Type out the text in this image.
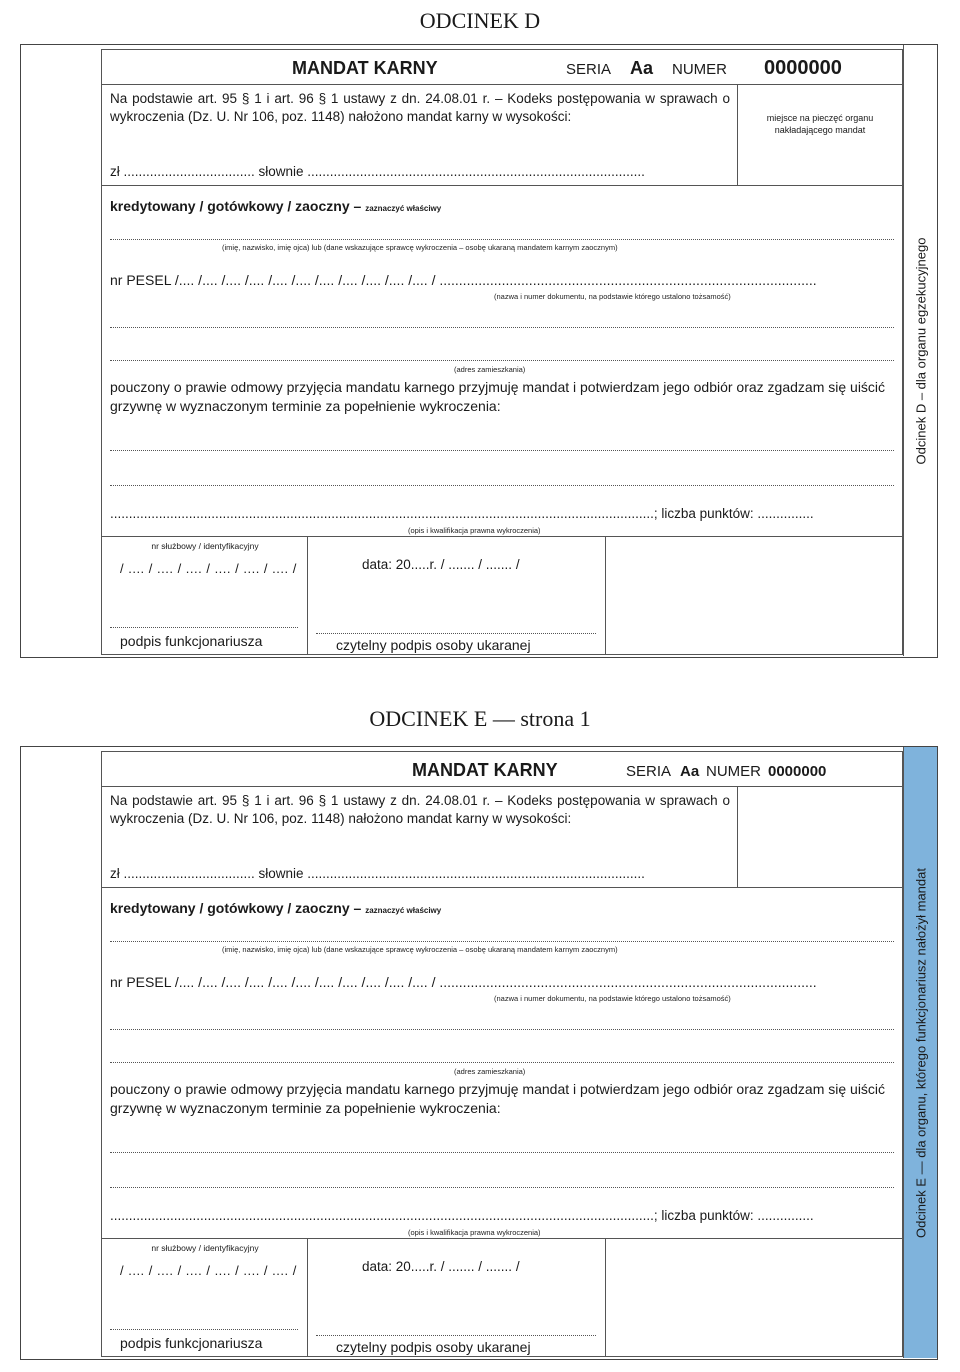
ODCINEK D
MANDAT KARNY	SERIA Aa NUMER 0000000
Na podstawie art. 95 § 1 i art. 96 § 1 ustawy z dn. 24.08.01 r. – Kodeks postępowania w sprawach o wykroczenia (Dz. U. Nr 106, poz. 1148) nałożono mandat karny w wysokości:
zł ................................... słownie ..........................................................................................
miejsce na pieczęć organu nakładającego mandat
kredytowany / gotówkowy / zaoczny – zaznaczyć właściwy
(imię, nazwisko, imię ojca) lub (dane wskazujące sprawcę wykroczenia – osobę ukaraną mandatem karnym zaocznym)
nr PESEL /.... /.... /.... /.... /.... /.... /.... /.... /.... /.... /.... / .................................................................................................
(nazwa i numer dokumentu, na podstawie którego ustalono tożsamość)
(adres zamieszkania)
pouczony o prawie odmowy przyjęcia mandatu karnego przyjmuję mandat i potwierdzam jego odbiór oraz zgadzam się uiścić grzywnę w wyznaczonym terminie za popełnienie wykroczenia:
.................................................................................................................................................; liczba punktów: ...............
(opis i kwalifikacja prawna wykroczenia)
nr służbowy / identyfikacyjny
/ .... / .... / .... / .... / .... / .... /
podpis funkcjonariusza
data: 20.....r. / ....... / ....... /
czytelny podpis osoby ukaranej
Odcinek D – dla organu egzekucyjnego
ODCINEK E — strona 1
MANDAT KARNY	SERIA Aa NUMER 0000000
Na podstawie art. 95 § 1 i art. 96 § 1 ustawy z dn. 24.08.01 r. – Kodeks postępowania w sprawach o wykroczenia (Dz. U. Nr 106, poz. 1148) nałożono mandat karny w wysokości:
zł ................................... słownie ..........................................................................................
kredytowany / gotówkowy / zaoczny – zaznaczyć właściwy
(imię, nazwisko, imię ojca) lub (dane wskazujące sprawcę wykroczenia – osobę ukaraną mandatem karnym zaocznym)
nr PESEL /.... /.... /.... /.... /.... /.... /.... /.... /.... /.... /.... / .................................................................................................
(nazwa i numer dokumentu, na podstawie którego ustalono tożsamość)
(adres zamieszkania)
pouczony o prawie odmowy przyjęcia mandatu karnego przyjmuję mandat i potwierdzam jego odbiór oraz zgadzam się uiścić grzywnę w wyznaczonym terminie za popełnienie wykroczenia:
.................................................................................................................................................; liczba punktów: ...............
(opis i kwalifikacja prawna wykroczenia)
nr służbowy / identyfikacyjny
/ .... / .... / .... / .... / .... / .... /
podpis funkcjonariusza
data: 20.....r. / ....... / ....... /
czytelny podpis osoby ukaranej
Odcinek E — dla organu, którego funkcjonariusz nałożył mandat
